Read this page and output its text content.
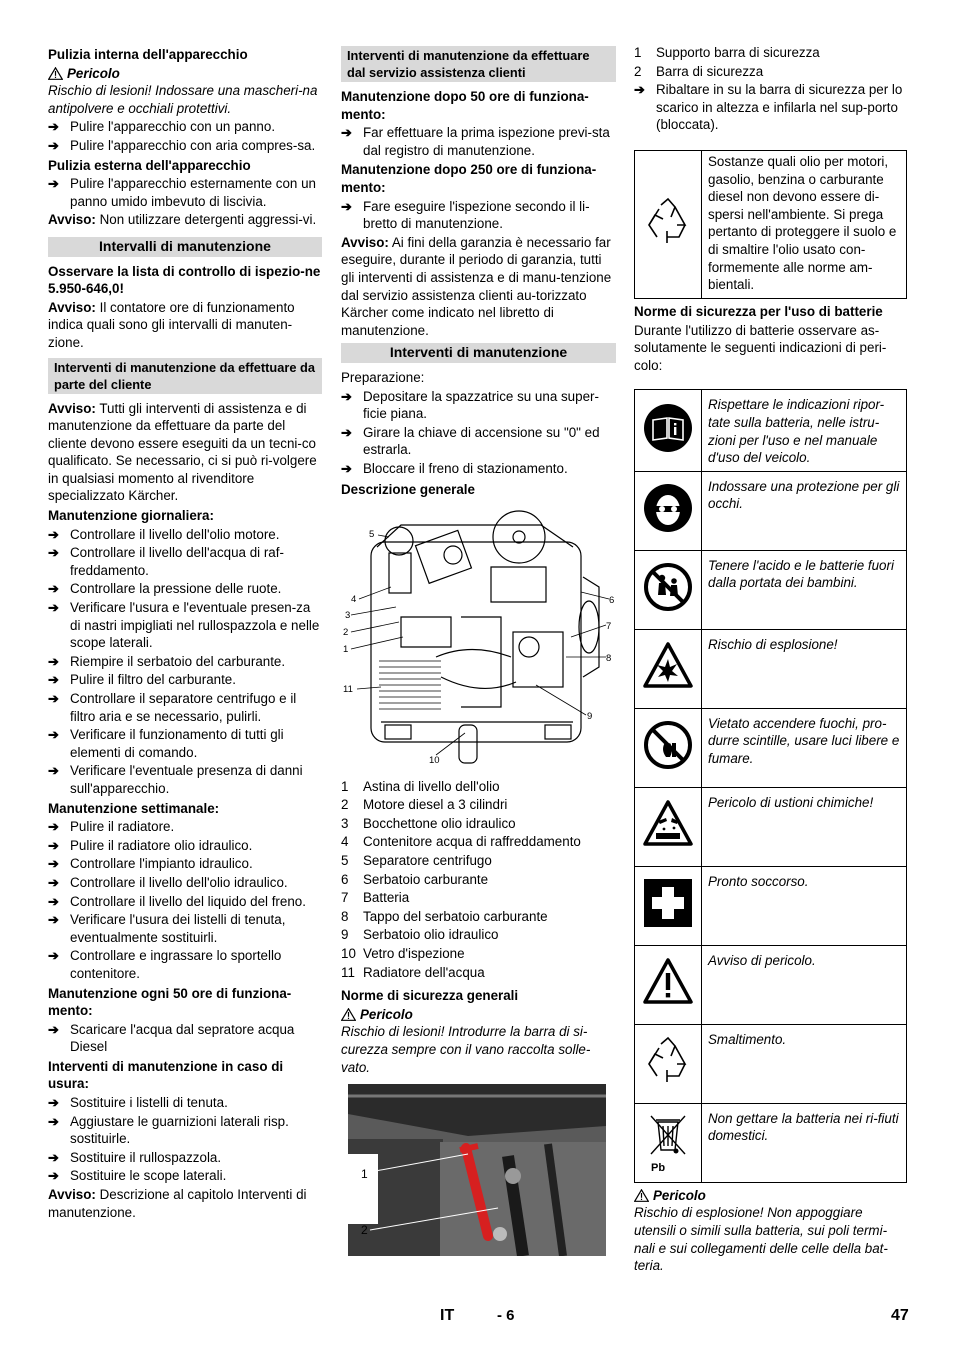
Pulizia interna dell'apparecchio
Pericolo
Rischio di lesioni! Indossare una mascheri-na antipolvere e occhiali protettivi.
➔ Pulire l'apparecchio con un panno.
➔ Pulire l'apparecchio con aria compres-sa.
Pulizia esterna dell'apparecchio
➔ Pulire l'apparecchio esternamente con un panno umido imbevuto di liscivia.
Avviso: Non utilizzare detergenti aggressi-vi.
Intervalli di manutenzione
Osservare la lista di controllo di ispezio-ne 5.950-646,0!
Avviso: Il contatore ore di funzionamento indica quali sono gli intervalli di manuten-zione.
Interventi di manutenzione da effettuare da parte del cliente
Avviso: Tutti gli interventi di assistenza e di manutenzione da effettuare da parte del cliente devono essere eseguiti da un tecni-co qualificato. Se necessario, ci si può ri-volgere in qualsiasi momento al rivenditore specializzato Kärcher.
Manutenzione giornaliera:
➔ Controllare il livello dell'olio motore.
➔ Controllare il livello dell'acqua di raf-freddamento.
➔ Controllare la pressione delle ruote.
➔ Verificare l'usura e l'eventuale presen-za di nastri impigliati nel rullospazzola e nelle scope laterali.
➔ Riempire il serbatoio del carburante.
➔ Pulire il filtro del carburante.
➔ Controllare il separatore centrifugo e il filtro aria e se necessario, pulirli.
➔ Verificare il funzionamento di tutti gli elementi di comando.
➔ Verificare l'eventuale presenza di danni sull'apparecchio.
Manutenzione settimanale:
➔ Pulire il radiatore.
➔ Pulire il radiatore olio idraulico.
➔ Controllare l'impianto idraulico.
➔ Controllare il livello dell'olio idraulico.
➔ Controllare il livello del liquido del freno.
➔ Verificare l'usura dei listelli di tenuta, eventualmente sostituirli.
➔ Controllare e ingrassare lo sportello contenitore.
Manutenzione ogni 50 ore di funziona-mento:
➔ Scaricare l'acqua dal sepratore acqua Diesel
Interventi di manutenzione in caso di usura:
➔ Sostituire i listelli di tenuta.
➔ Aggiustare le guarnizioni laterali risp. sostituirle.
➔ Sostituire il rullospazzola.
➔ Sostituire le scope laterali.
Avviso: Descrizione al capitolo Interventi di manutenzione.
Interventi di manutenzione da effettuare dal servizio assistenza clienti
Manutenzione dopo 50 ore di funziona-mento:
➔ Far effettuare la prima ispezione previ-sta dal registro di manutenzione.
Manutenzione dopo 250 ore di funziona-mento:
➔ Fare eseguire l'ispezione secondo il li-bretto di manutenzione.
Avviso: Ai fini della garanzia è necessario far eseguire, durante il periodo di garanzia, tutti gli interventi di assistenza e di manu-tenzione dal servizio assistenza clienti au-torizzato Kärcher come indicato nel libretto di manutenzione.
Interventi di manutenzione
Preparazione:
➔ Depositare la spazzatrice su una super-ficie piana.
➔ Girare la chiave di accensione su "0" ed estrarla.
➔ Bloccare il freno di stazionamento.
Descrizione generale
5
4
3
2
1
11
10
9
8
7
6
1	Astina di livello dell'olio
2	Motore diesel a 3 cilindri
3	Bocchettone olio idraulico
4	Contenitore acqua di raffreddamento
5	Separatore centrifugo
6	Serbatoio carburante
7	Batteria
8	Tappo del serbatoio carburante
9	Serbatoio olio idraulico
10 Vetro d'ispezione
11 Radiatore dell'acqua
Norme di sicurezza generali
Pericolo
Rischio di lesioni! Introdurre la barra di si-curezza sempre con il vano raccolta solle-vato.
1
2
1	Supporto barra di sicurezza
2	Barra di sicurezza
➔ Ribaltare in su la barra di sicurezza per lo scarico in altezza e infilarla nel sup-porto (bloccata).
	Sostanze quali olio per motori, gasolio, benzina o carburante diesel non devono essere di-spersi nell'ambiente. Si prega pertanto di proteggere il suolo e di smaltire l'olio usato con-formemente alle norme am-bientali.
Norme di sicurezza per l'uso di batterie
Durante l'utilizzo di batterie osservare as-solutamente le seguenti indicazioni di peri-colo:
	Rispettare le indicazioni ripor-tate sulla batteria, nelle istru-zioni per l'uso e nel manuale d'uso del veicolo.
	Indossare una protezione per gli occhi.
	Tenere l'acido e le batterie fuori dalla portata dei bambini.
	Rischio di esplosione!
	Vietato accendere fuochi, pro-durre scintille, usare luci libere e fumare.
	Pericolo di ustioni chimiche!
	Pronto soccorso.
	Avviso di pericolo.
	Smaltimento.

Pb	Non gettare la batteria nei ri-fiuti domestici.
Pericolo
Rischio di esplosione! Non appoggiare utensili o simili sulla batteria, sui poli termi-nali e sui collegamenti delle celle della bat-teria.
IT	- 6	47
